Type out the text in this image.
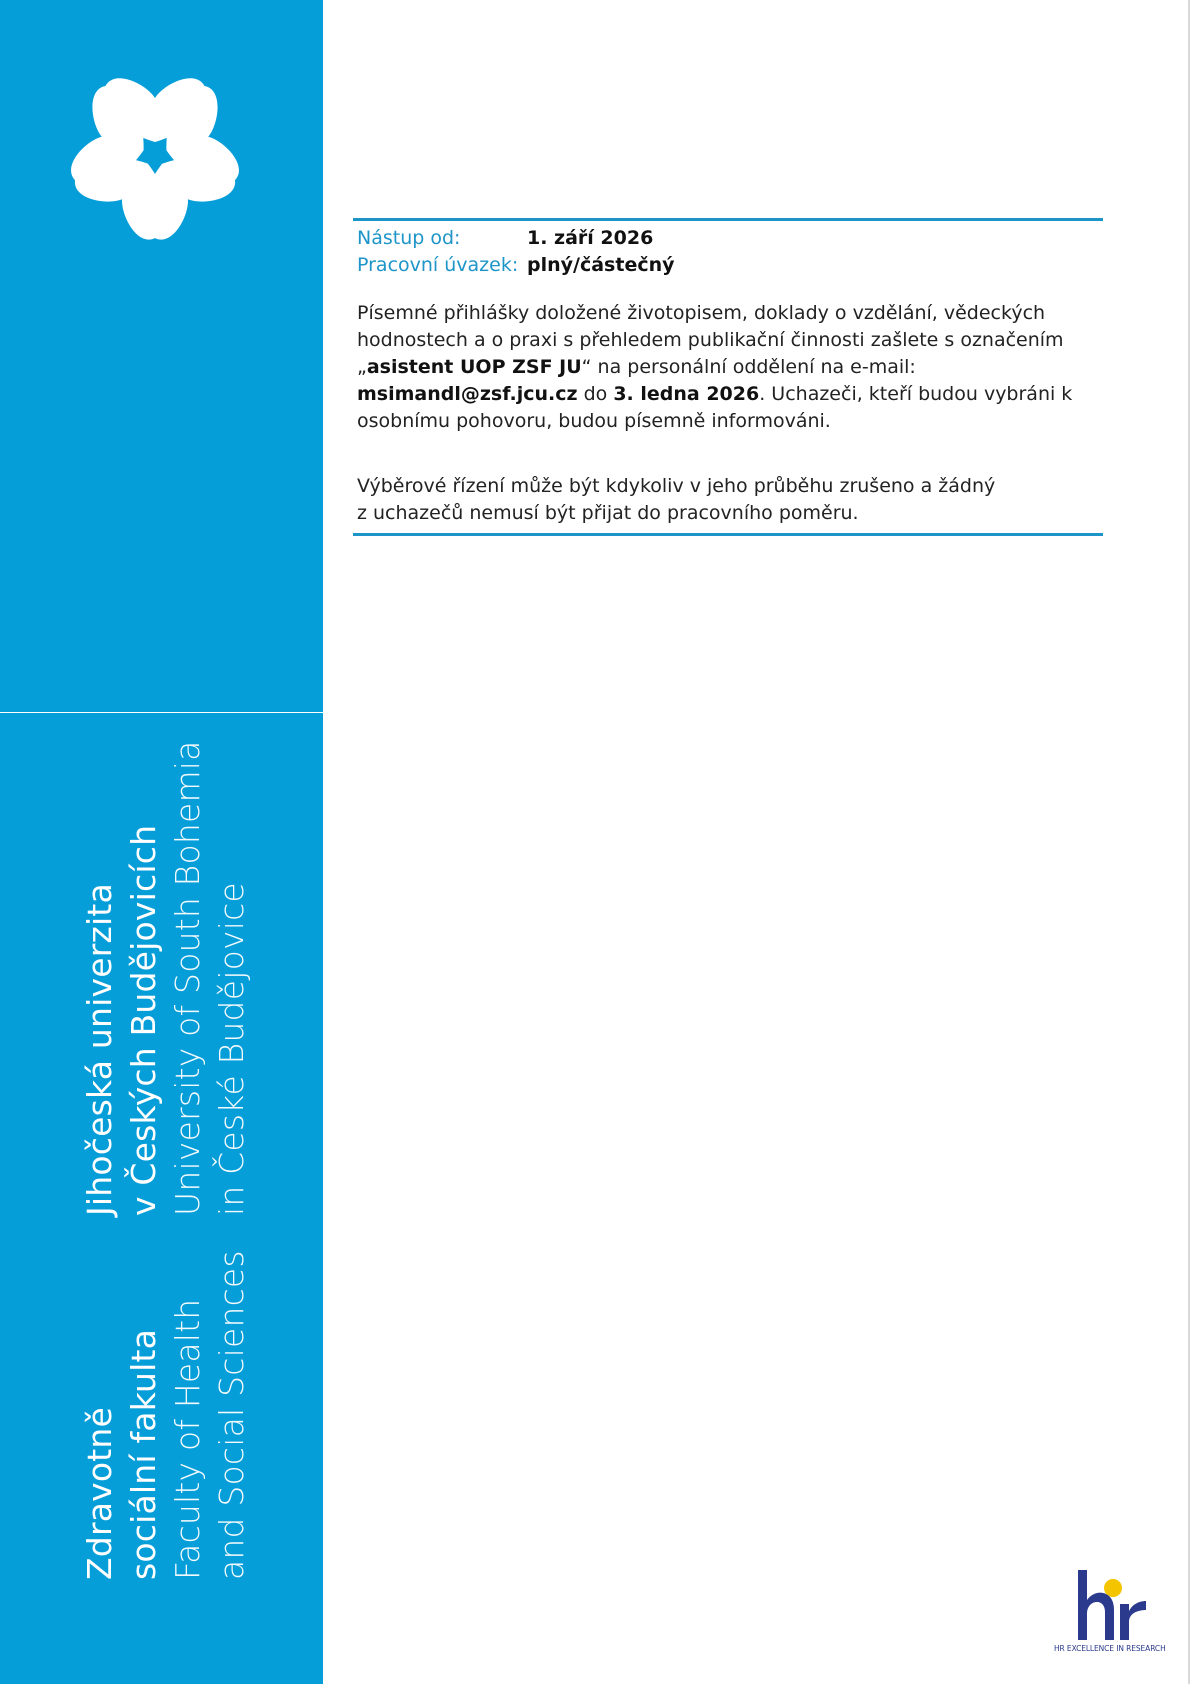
Jihočeská univerzita v Českých Budějovicích University of South Bohemia in České Budějovice
Zdravotně sociální fakulta Faculty of Health and Social Sciences
Nástup od:	1. září 2026
Pracovní úvazek: plný/částečný

Písemné přihlášky doložené životopisem, doklady o vzdělání, vědeckých hodnostech a o praxi s přehledem publikační činnosti zašlete s označením „asistent UOP ZSF JU“ na personální oddělení na e-mail: msimandl@zsf.jcu.cz do 3. ledna 2026. Uchazeči, kteří budou vybráni k osobnímu pohovoru, budou písemně informováni.

Výběrové řízení může být kdykoliv v jeho průběhu zrušeno a žádný
z uchazečů nemusí být přijat do pracovního poměru.

HR EXCELLENCE IN RESEARCH
